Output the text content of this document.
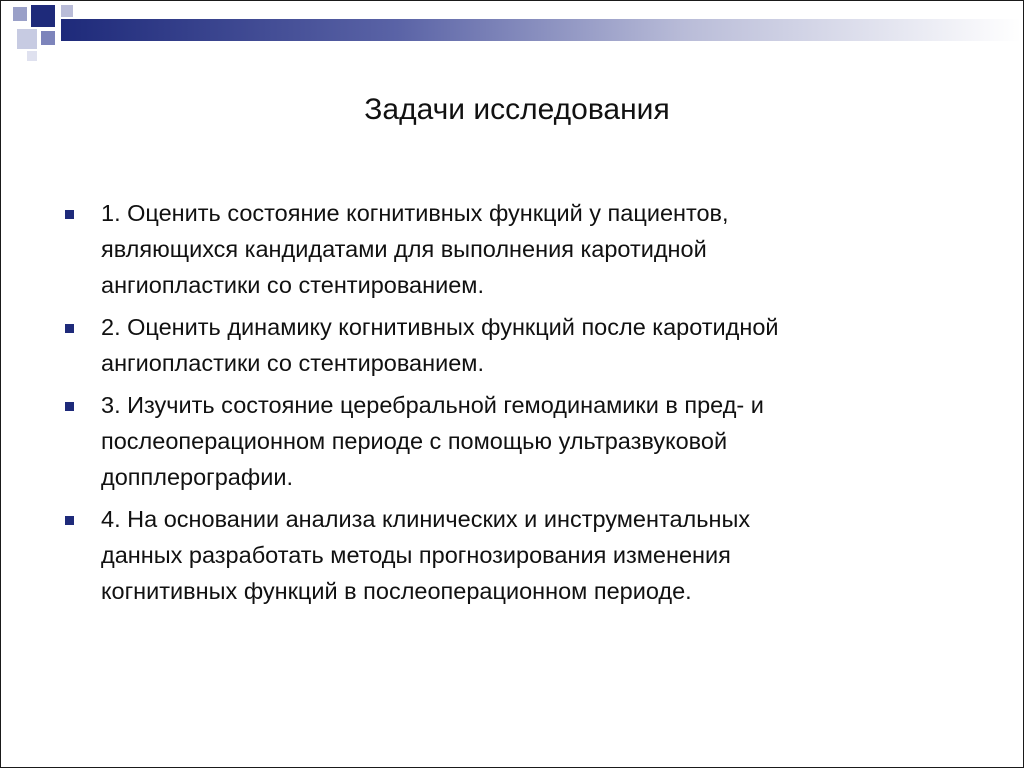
Задачи исследования
1. Оценить состояние когнитивных функций у пациентов,
являющихся кандидатами для выполнения каротидной
ангиопластики со стентированием.
2. Оценить динамику когнитивных функций после каротидной
ангиопластики со стентированием.
3. Изучить состояние церебральной гемодинамики в пред- и
послеоперационном периоде с помощью ультразвуковой
допплерографии.
4. На основании анализа клинических и инструментальных
данных разработать методы прогнозирования изменения
когнитивных функций в послеоперационном периоде.
